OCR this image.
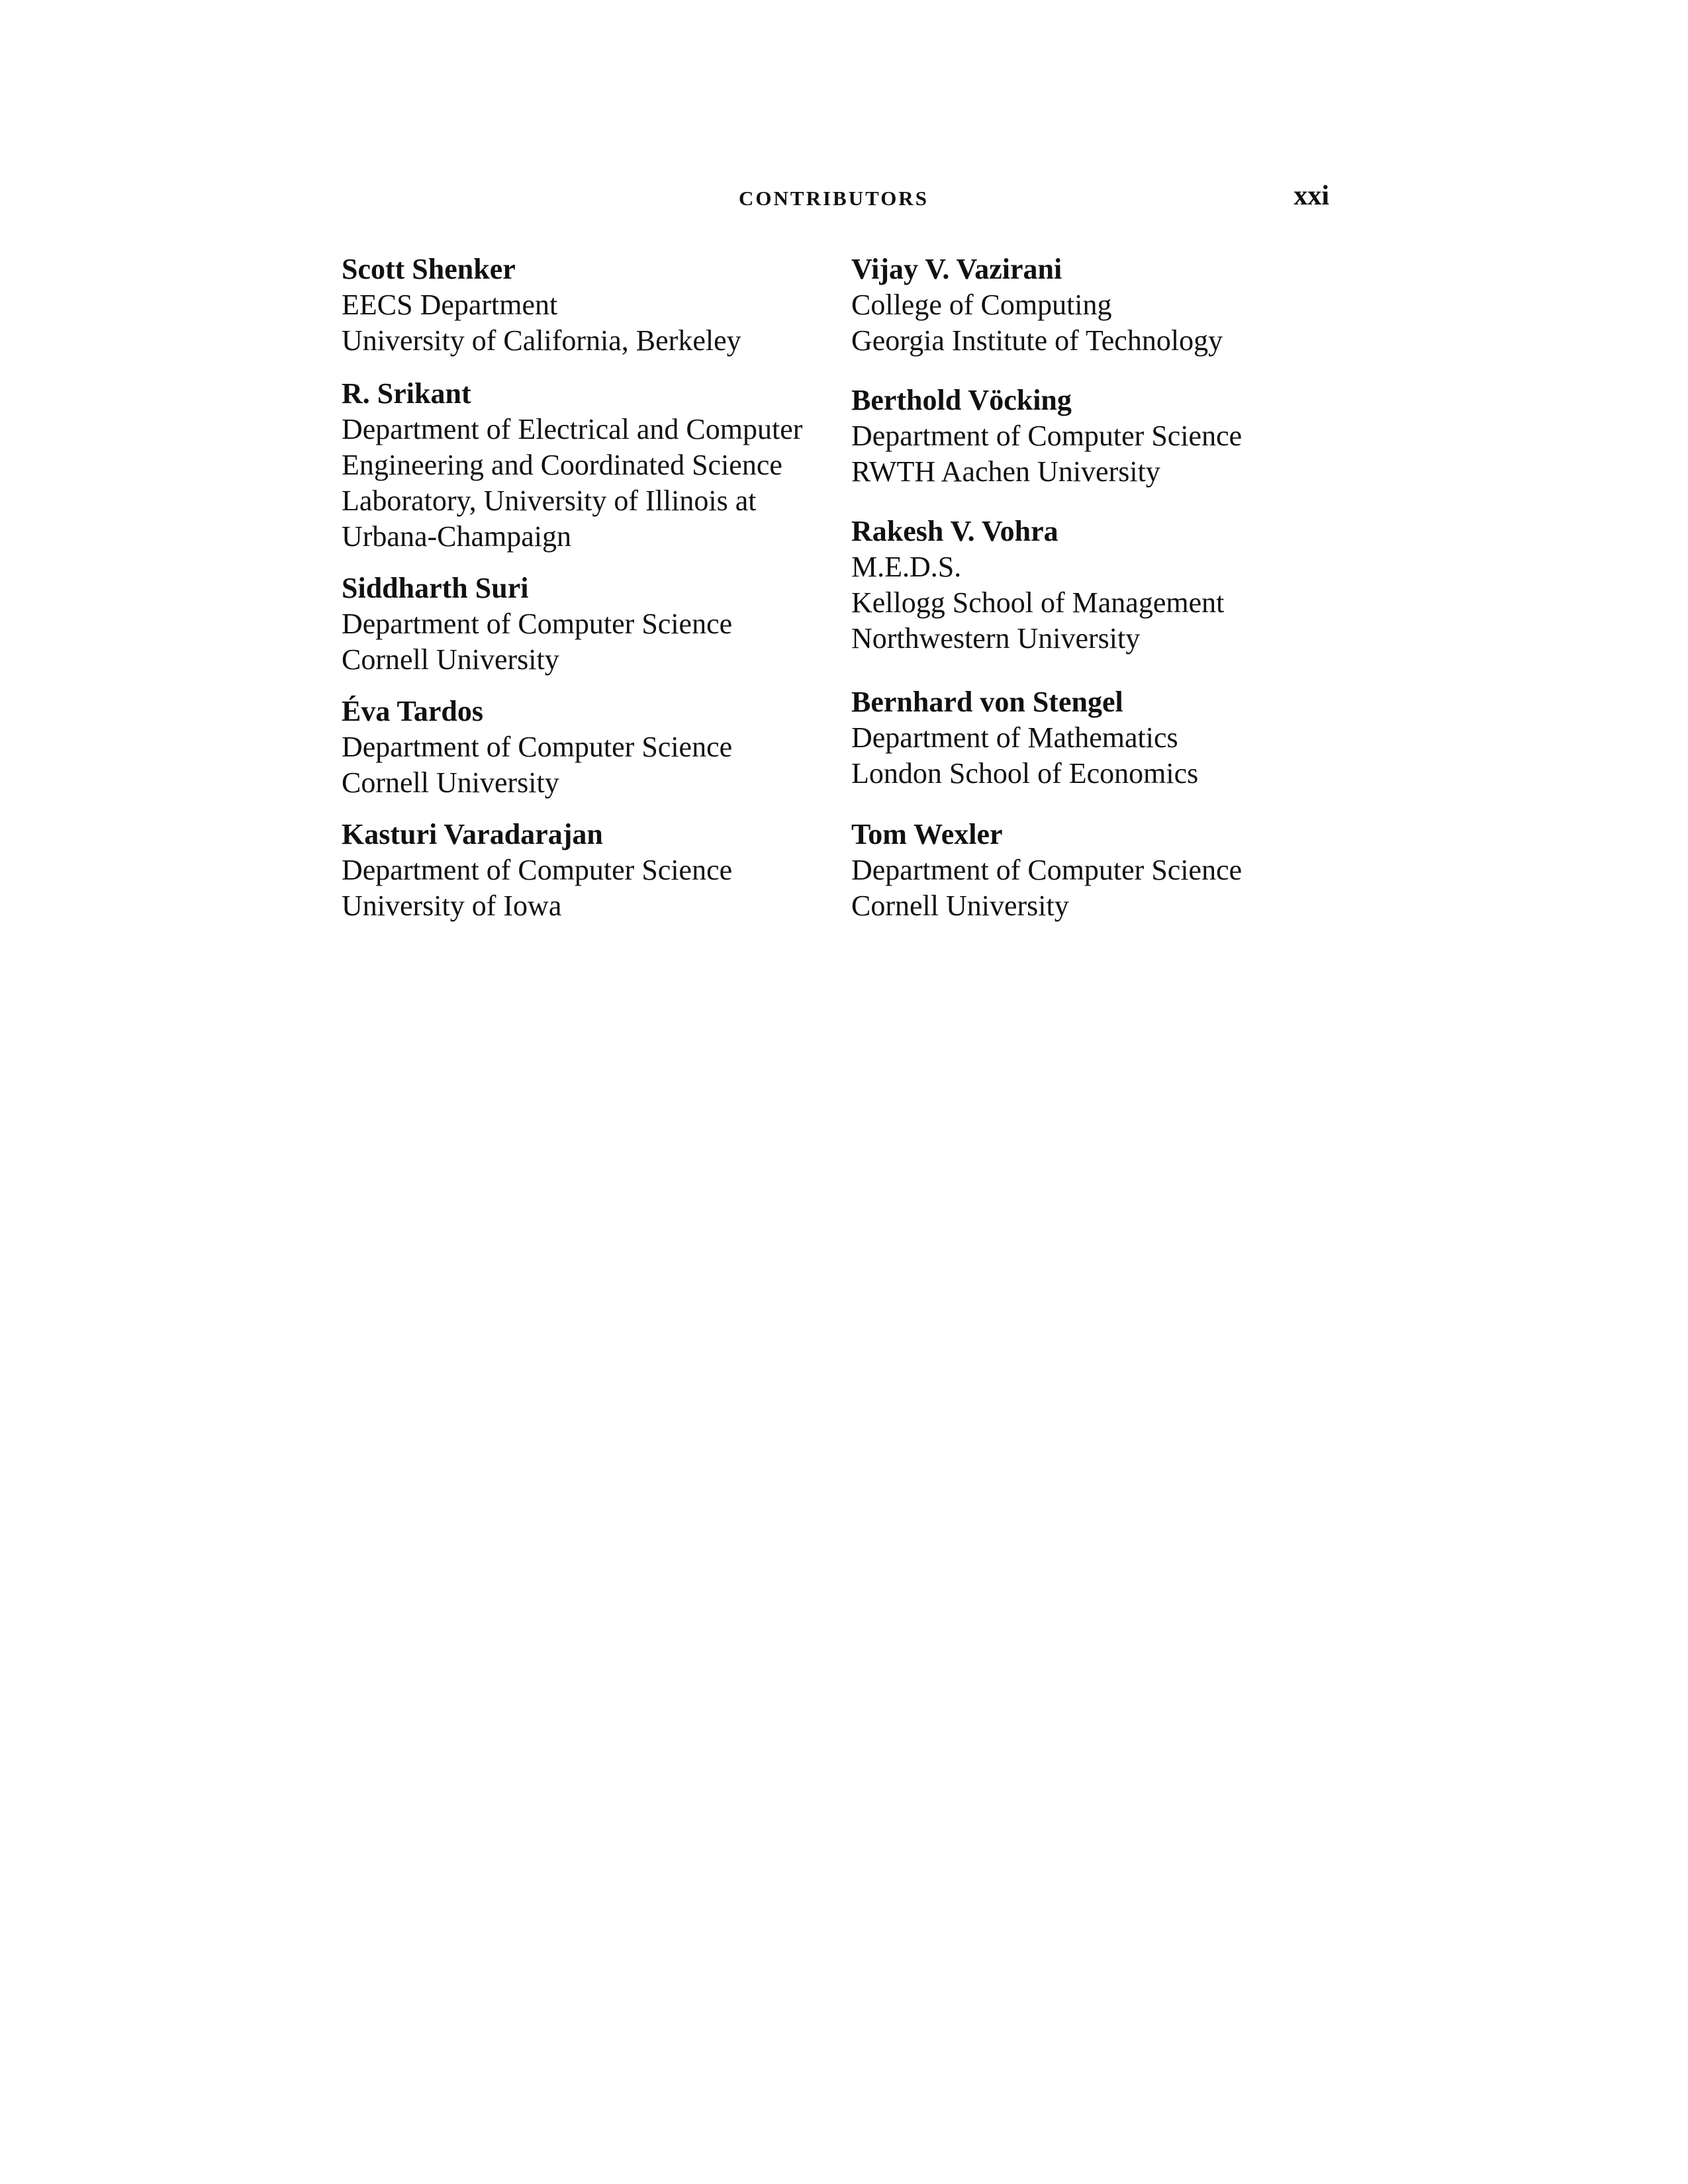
CONTRIBUTORS	xxi
Scott Shenker
EECS Department
University of California, Berkeley
R. Srikant
Department of Electrical and Computer
Engineering and Coordinated Science
Laboratory, University of Illinois at
Urbana-Champaign
Siddharth Suri
Department of Computer Science
Cornell University
Éva Tardos
Department of Computer Science
Cornell University
Kasturi Varadarajan
Department of Computer Science
University of Iowa
Vijay V. Vazirani
College of Computing
Georgia Institute of Technology
Berthold Vöcking
Department of Computer Science
RWTH Aachen University
Rakesh V. Vohra
M.E.D.S.
Kellogg School of Management
Northwestern University
Bernhard von Stengel
Department of Mathematics
London School of Economics
Tom Wexler
Department of Computer Science
Cornell University
